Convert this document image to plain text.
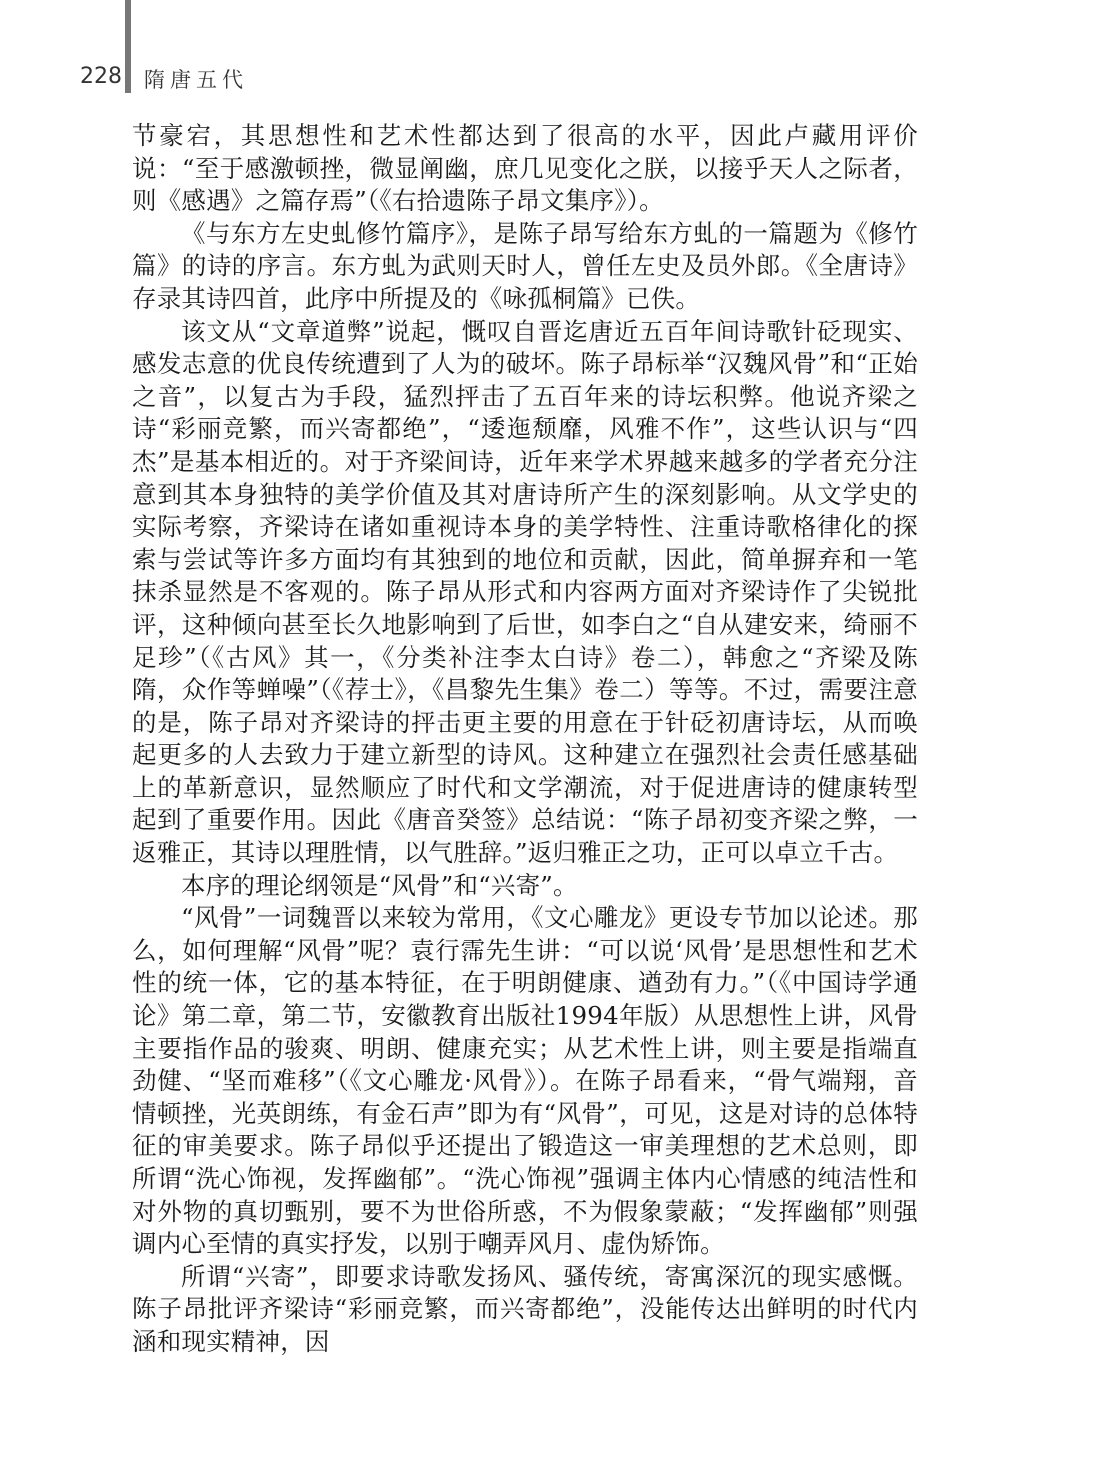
228 隋唐五代

节豪宕，其思想性和艺术性都达到了很高的水平，因此卢藏用评价说：“至于感激顿挫，微显阐幽，庶几见变化之朕，以接乎天人之际者，则《感遇》之篇存焉”（《右拾遗陈子昂文集序》）。

《与东方左史虬修竹篇序》，是陈子昂写给东方虬的一篇题为《修竹篇》的诗的序言。东方虬为武则天时人，曾任左史及员外郎。《全唐诗》存录其诗四首，此序中所提及的《咏孤桐篇》已佚。

该文从“文章道弊”说起，慨叹自晋迄唐近五百年间诗歌针砭现实、感发志意的优良传统遭到了人为的破坏。陈子昂标举“汉魏风骨”和“正始之音”，以复古为手段，猛烈抨击了五百年来的诗坛积弊。他说齐梁之诗“彩丽竞繁，而兴寄都绝”，“逶迤颓靡，风雅不作”，这些认识与“四杰”是基本相近的。对于齐梁间诗，近年来学术界越来越多的学者充分注意到其本身独特的美学价值及其对唐诗所产生的深刻影响。从文学史的实际考察，齐梁诗在诸如重视诗本身的美学特性、注重诗歌格律化的探索与尝试等许多方面均有其独到的地位和贡献，因此，简单摒弃和一笔抹杀显然是不客观的。陈子昂从形式和内容两方面对齐梁诗作了尖锐批评，这种倾向甚至长久地影响到了后世，如李白之“自从建安来，绮丽不足珍”（《古风》其一，《分类补注李太白诗》卷二），韩愈之“齐梁及陈隋，众作等蝉噪”（《荐士》，《昌黎先生集》卷二）等等。不过，需要注意的是，陈子昂对齐梁诗的抨击更主要的用意在于针砭初唐诗坛，从而唤起更多的人去致力于建立新型的诗风。这种建立在强烈社会责任感基础上的革新意识，显然顺应了时代和文学潮流，对于促进唐诗的健康转型起到了重要作用。因此《唐音癸签》总结说：“陈子昂初变齐梁之弊，一返雅正，其诗以理胜情，以气胜辞。”返归雅正之功，正可以卓立千古。

本序的理论纲领是“风骨”和“兴寄”。

“风骨”一词魏晋以来较为常用，《文心雕龙》更设专节加以论述。那么，如何理解“风骨”呢？袁行霈先生讲：“可以说‘风骨’是思想性和艺术性的统一体，它的基本特征，在于明朗健康、遒劲有力。”（《中国诗学通论》第二章，第二节，安徽教育出版社1994年版）从思想性上讲，风骨主要指作品的骏爽、明朗、健康充实；从艺术性上讲，则主要是指端直劲健、“坚而难移”（《文心雕龙·风骨》）。在陈子昂看来，“骨气端翔，音情顿挫，光英朗练，有金石声”即为有“风骨”，可见，这是对诗的总体特征的审美要求。陈子昂似乎还提出了锻造这一审美理想的艺术总则，即所谓“洗心饰视，发挥幽郁”。“洗心饰视”强调主体内心情感的纯洁性和对外物的真切甄别，要不为世俗所惑，不为假象蒙蔽；“发挥幽郁”则强调内心至情的真实抒发，以别于嘲弄风月、虚伪矫饰。

所谓“兴寄”，即要求诗歌发扬风、骚传统，寄寓深沉的现实感慨。陈子昂批评齐梁诗“彩丽竞繁，而兴寄都绝”，没能传达出鲜明的时代内涵和现实精神，因
